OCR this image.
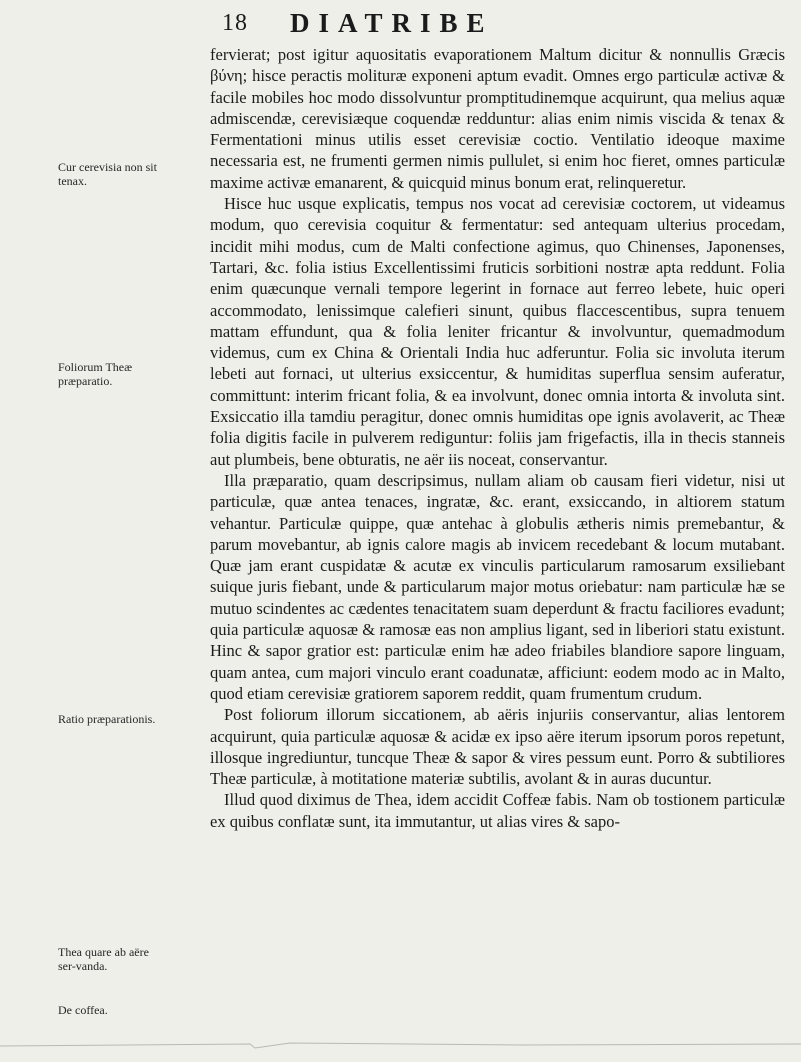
18 DIATRIBE
Cur cerevisia non sit tenax.
Foliorum Theæ præparatio.
Ratio præparationis.
Thea quare ab aëre ser-vanda.
De coffea.

fervierat; post igitur aquositatis evaporationem Maltum dicitur & nonnullis Græcis βύνη; hisce peractis molituræ exponeni aptum evadit. Omnes ergo particulæ activæ & facile mobiles hoc modo dissolvuntur promptitudinemque acquirunt, qua melius aquæ admiscendæ, cerevisiæque coquendæ redduntur: alias enim nimis viscida & tenax & Fermentationi minus utilis esset cerevisiæ coctio. Ventilatio ideoque maxime necessaria est, ne frumenti germen nimis pullulet, si enim hoc fieret, omnes particulæ maxime activæ emanarent, & quicquid minus bonum erat, relinqueretur.

Hisce huc usque explicatis, tempus nos vocat ad cerevisiæ coctorem, ut videamus modum, quo cerevisia coquitur & fermentatur: sed antequam ulterius procedam, incidit mihi modus, cum de Malti confectione agimus, quo Chinenses, Japonenses, Tartari, &c. folia istius Excellentissimi fruticis sorbitioni nostræ apta reddunt. Folia enim quæcunque vernali tempore legerint in fornace aut ferreo lebete, huic operi accommodato, lenissimque calefieri sinunt, quibus flaccescentibus, supra tenuem mattam effundunt, qua & folia leniter fricantur & involvuntur, quemadmodum videmus, cum ex China & Orientali India huc adferuntur. Folia sic involuta iterum lebeti aut fornaci, ut ulterius exsiccentur, & humiditas superflua sensim auferatur, committunt: interim fricant folia, & ea involvunt, donec omnia intorta & involuta sint. Exsiccatio illa tamdiu peragitur, donec omnis humiditas ope ignis avolaverit, ac Theæ folia digitis facile in pulverem rediguntur: foliis jam frigefactis, illa in thecis stanneis aut plumbeis, bene obturatis, ne aër iis noceat, conservantur.

Illa præparatio, quam descripsimus, nullam aliam ob causam fieri videtur, nisi ut particulæ, quæ antea tenaces, ingratæ, &c. erant, exsiccando, in altiorem statum vehantur. Particulæ quippe, quæ antehac à globulis ætheris nimis premebantur, & parum movebantur, ab ignis calore magis ab invicem recedebant & locum mutabant. Quæ jam erant cuspidatæ & acutæ ex vinculis particularum ramosarum exsiliebant suique juris fiebant, unde & particularum major motus oriebatur: nam particulæ hæ se mutuo scindentes ac cædentes tenacitatem suam deperdunt & fractu faciliores evadunt; quia particulæ aquosæ & ramosæ eas non amplius ligant, sed in liberiori statu existunt. Hinc & sapor gratior est: particulæ enim hæ adeo friabiles blandiore sapore linguam, quam antea, cum majori vinculo erant coadunatæ, afficiunt: eodem modo ac in Malto, quod etiam cerevisiæ gratiorem saporem reddit, quam frumentum crudum.

Post foliorum illorum siccationem, ab aëris injuriis conservantur, alias lentorem acquirunt, quia particulæ aquosæ & acidæ ex ipso aëre iterum ipsorum poros repetunt, illosque ingrediuntur, tuncque Theæ & sapor & vires pessum eunt. Porro & subtiliores Theæ particulæ, à motitatione materiæ subtilis, avolant & in auras ducuntur.

Illud quod diximus de Thea, idem accidit Coffeæ fabis. Nam ob tostionem particulæ ex quibus conflatæ sunt, ita immutantur, ut alias vires & sapo-
